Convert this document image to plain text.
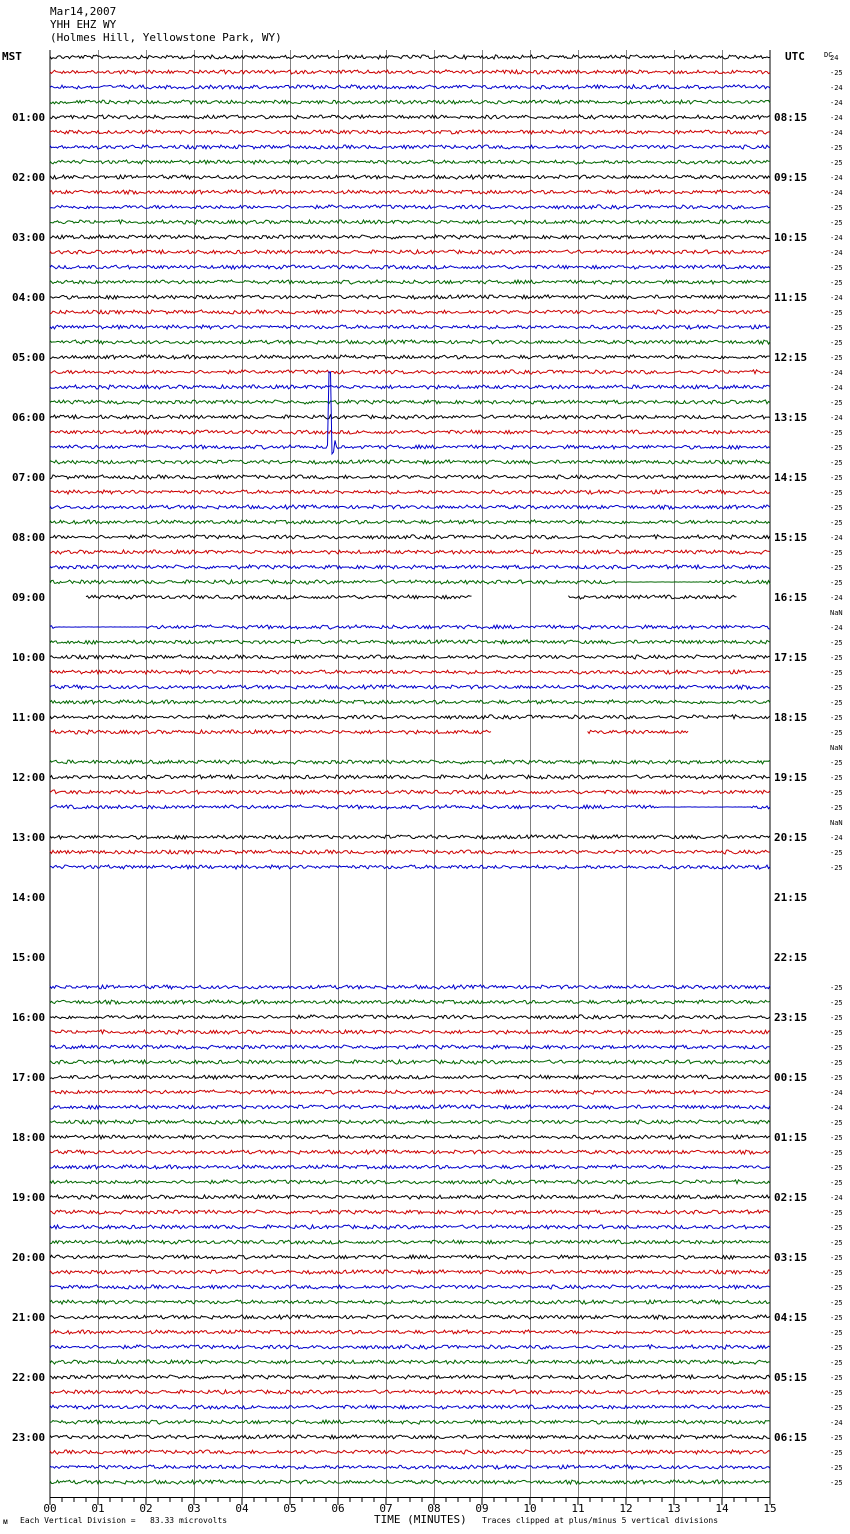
Mar14,2007
YHH EHZ WY
(Holmes Hill, Yellowstone Park, WY)
MST	UTC	24
-25
-24
-24
-24
-24
-25
-25
-24
-24
-25
-25
-24
-24
-25
-25
-24
-25
-25
-25
-25
-24
-24
-25
-24
-25
-25
-25
-25
-25
-25
-25
-24
-25
-25
-25
-24
NaN
-24
-25
-25
-25
-25
-25
-25
-25
NaN
-25
-25
-25
-25
NaN
-24
-25
-25
-25
-25
-25
-25
-25
-25
-25
-24
-24
-25
-25
-25
-25
-25
-24
-25
-25
-25
-25
-25
-25
-25
-25
-25
-25
-25
-25
-25
-25
-24
-25
-25
-25
-25
DC
01:00
02:00
03:00
04:00
05:00
06:00
07:00
08:00
09:00
10:00
11:00
12:00
13:00
14:00
15:00
16:00
17:00
18:00
19:00
20:00
21:00
22:00
23:00
08:15
09:15
10:15
11:15
12:15
13:15
14:15
15:15
16:15
17:15
18:15
19:15
20:15
21:15
22:15
23:15
00:15
01:15
02:15
03:15
04:15
05:15
06:15
00	01	02	03	04	05	06	07	08	09	10	11	12	13	14	15
ᴍ Each Vertical Division =   83.33 microvolts	TIME (MINUTES) Traces clipped at plus/minus 5 vertical divisions
